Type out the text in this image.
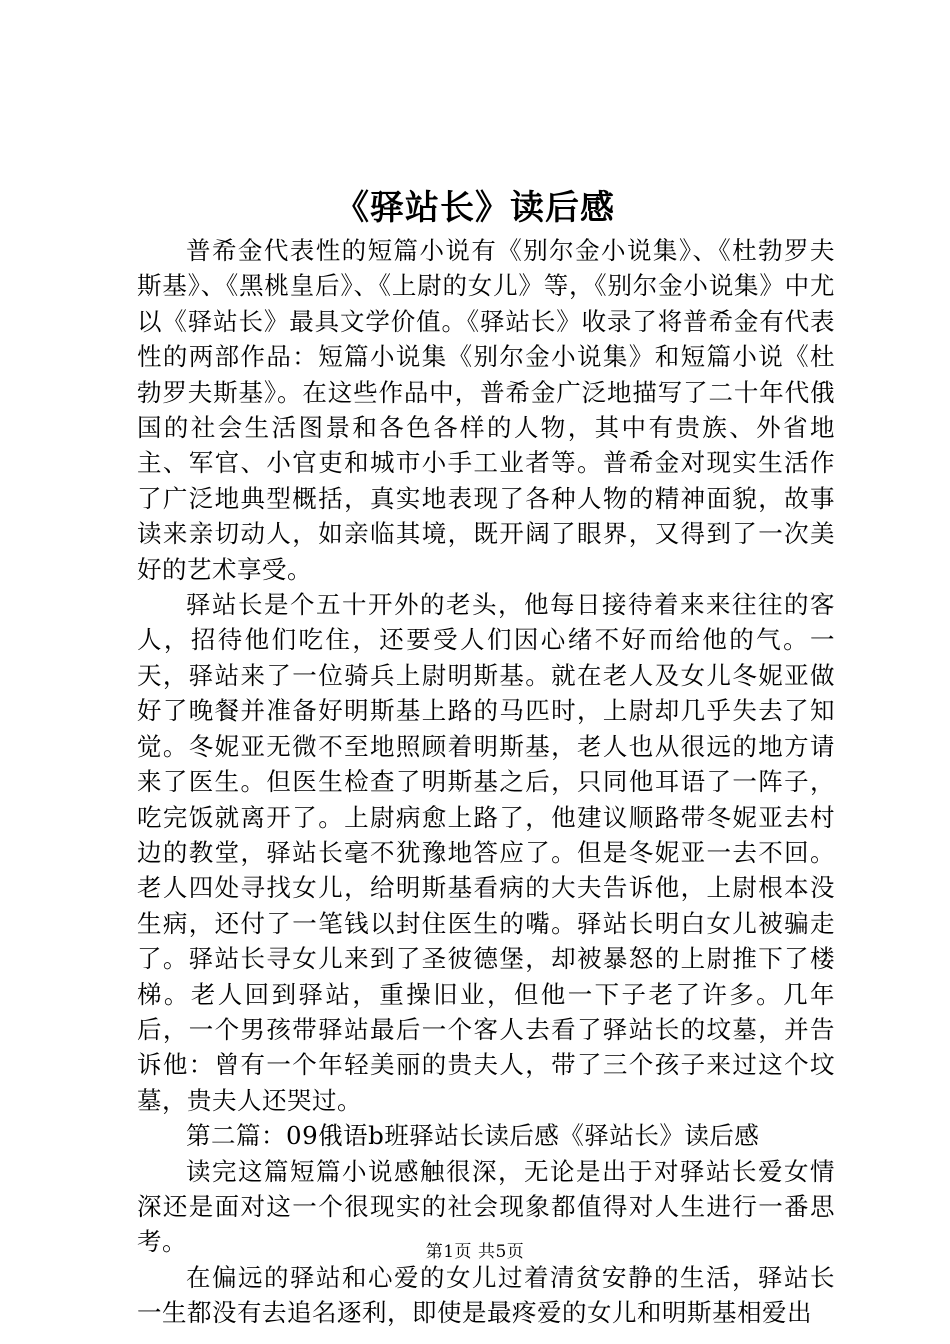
《驿站长》读后感

普希金代表性的短篇小说有《别尔金小说集》、《杜勃罗夫斯基》、《黑桃皇后》、《上尉的女儿》等，《别尔金小说集》中尤以《驿站长》最具文学价值。《驿站长》收录了将普希金有代表性的两部作品：短篇小说集《别尔金小说集》和短篇小说《杜勃罗夫斯基》。在这些作品中，普希金广泛地描写了二十年代俄国的社会生活图景和各色各样的人物，其中有贵族、外省地主、军官、小官吏和城市小手工业者等。普希金对现实生活作了广泛地典型概括，真实地表现了各种人物的精神面貌，故事读来亲切动人，如亲临其境，既开阔了眼界，又得到了一次美好的艺术享受。

驿站长是个五十开外的老头，他每日接待着来来往往的客人，招待他们吃住，还要受人们因心绪不好而给他的气。一天，驿站来了一位骑兵上尉明斯基。就在老人及女儿冬妮亚做好了晚餐并准备好明斯基上路的马匹时，上尉却几乎失去了知觉。冬妮亚无微不至地照顾着明斯基，老人也从很远的地方请来了医生。但医生检查了明斯基之后，只同他耳语了一阵子，吃完饭就离开了。上尉病愈上路了，他建议顺路带冬妮亚去村边的教堂，驿站长毫不犹豫地答应了。但是冬妮亚一去不回。老人四处寻找女儿，给明斯基看病的大夫告诉他，上尉根本没生病，还付了一笔钱以封住医生的嘴。驿站长明白女儿被骗走了。驿站长寻女儿来到了圣彼德堡，却被暴怒的上尉推下了楼梯。老人回到驿站，重操旧业，但他一下子老了许多。几年后，一个男孩带驿站最后一个客人去看了驿站长的坟墓，并告诉他：曾有一个年轻美丽的贵夫人，带了三个孩子来过这个坟墓，贵夫人还哭过。

第二篇：09俄语b班驿站长读后感《驿站长》读后感

读完这篇短篇小说感触很深，无论是出于对驿站长爱女情深还是面对这一个很现实的社会现象都值得对人生进行一番思考。

在偏远的驿站和心爱的女儿过着清贫安静的生活，驿站长一生都没有去追名逐利，即使是最疼爱的女儿和明斯基相爱出

第1页 共5页
